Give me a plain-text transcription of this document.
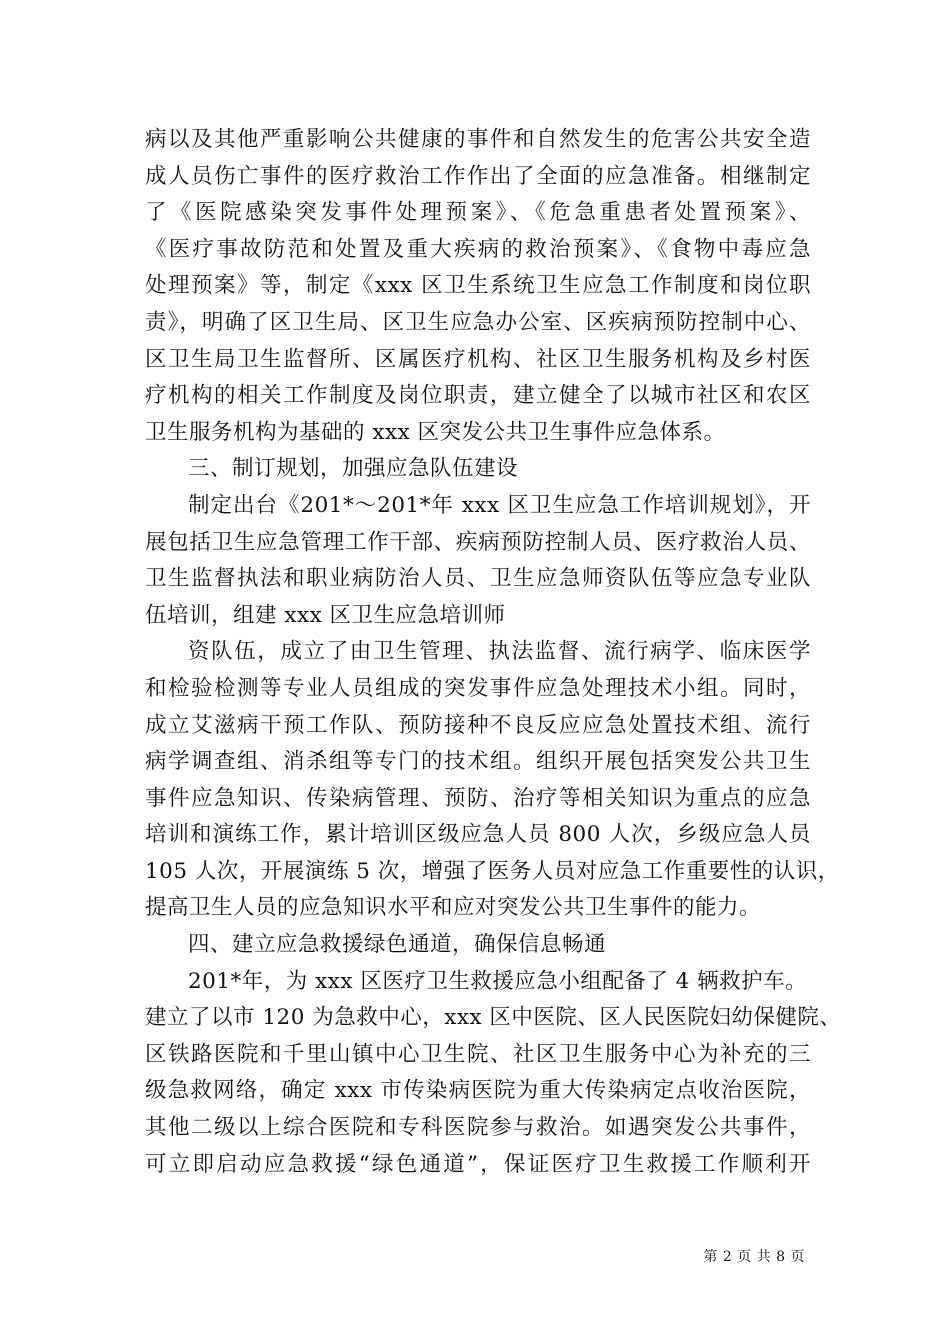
病以及其他严重影响公共健康的事件和自然发生的危害公共安全造
成人员伤亡事件的医疗救治工作作出了全面的应急准备。相继制定
了《医院感染突发事件处理预案》、《危急重患者处置预案》、
《医疗事故防范和处置及重大疾病的救治预案》、《食物中毒应急
处理预案》等，制定《xxx 区卫生系统卫生应急工作制度和岗位职
责》，明确了区卫生局、区卫生应急办公室、区疾病预防控制中心、
区卫生局卫生监督所、区属医疗机构、社区卫生服务机构及乡村医
疗机构的相关工作制度及岗位职责，建立健全了以城市社区和农区
卫生服务机构为基础的 xxx 区突发公共卫生事件应急体系。
三、制订规划，加强应急队伍建设
制定出台《201*～201*年 xxx 区卫生应急工作培训规划》，开
展包括卫生应急管理工作干部、疾病预防控制人员、医疗救治人员、
卫生监督执法和职业病防治人员、卫生应急师资队伍等应急专业队
伍培训，组建 xxx 区卫生应急培训师
资队伍，成立了由卫生管理、执法监督、流行病学、临床医学
和检验检测等专业人员组成的突发事件应急处理技术小组。同时，
成立艾滋病干预工作队、预防接种不良反应应急处置技术组、流行
病学调查组、消杀组等专门的技术组。组织开展包括突发公共卫生
事件应急知识、传染病管理、预防、治疗等相关知识为重点的应急
培训和演练工作，累计培训区级应急人员 800 人次，乡级应急人员
105 人次，开展演练 5 次，增强了医务人员对应急工作重要性的认识，
提高卫生人员的应急知识水平和应对突发公共卫生事件的能力。
四、建立应急救援绿色通道，确保信息畅通
201*年，为 xxx 区医疗卫生救援应急小组配备了 4 辆救护车。
建立了以市 120 为急救中心，xxx 区中医院、区人民医院妇幼保健院、
区铁路医院和千里山镇中心卫生院、社区卫生服务中心为补充的三
级急救网络，确定 xxx 市传染病医院为重大传染病定点收治医院，
其他二级以上综合医院和专科医院参与救治。如遇突发公共事件，
可立即启动应急救援“绿色通道”，保证医疗卫生救援工作顺利开
第 2 页 共 8 页
